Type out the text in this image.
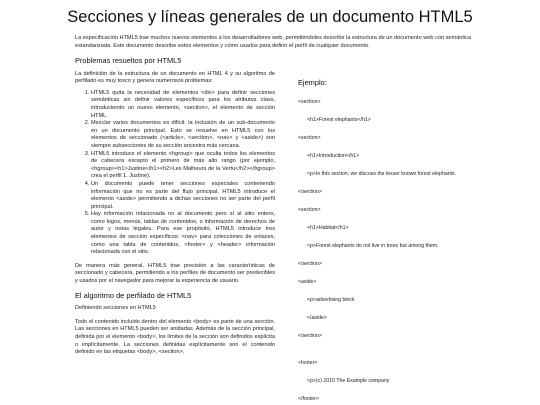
Secciones y líneas generales de un documento HTML5

La especificación HTML5 trae muchos nuevos elementos a los desarrolladores web, permitiéndoles describir la estructura de un documento web con semántica estandarizada. Este documento describe estos elementos y cómo usarlos para definir el perfil de cualquier documento.

Problemas resueltos por HTML5

La definición de la estructura de un documento en HTML 4 y su algoritmo de perfilado es muy tosco y genera numerosos problemas:

1. HTML5 quita la necesidad de elementos <div> para definir secciones semánticas sin definir valores específicos para los atributos class, introduciendo un nuevo elemento, <section>, el elemento de sección HTML.
2. Mezclar varios documentos es difícil: la inclusión de un sub-documento en un documento principal. Esto se resuelve en HTML5 con los elementos de seccionado (<article>, <section>, <nav> y <aside>) son siempre subsecciones de su sección ancestra más cercana.
3. HTML5 introduce el elemento <hgroup> que oculta todos los elementos de cabecera excepto el primero de más alto rango (por ejemplo, <hgroup><h1>Justine</h1><h2>Les Malheurs de la Vertu</h2></hgroup> crea el perfil 1. Justine).
4. Un documento puede tener secciones especiales conteniendo información que no es parte del flujo principal. HTML5 introduce el elemento <aside> permitiendo a dichas secciones no ser parte del perfil principal.
5. Hay información relacionada no al documento pero sí al sitio entero, como logos, menús, tablas de contenidos, o información de derechos de autor y notas legales. Para ese propósito, HTML5 introduce tres elementos de sección específicos: <nav> para colecciones de enlaces, como una tabla de contenidos, <footer> y <header> información relacionada con el sitio.

De manera más general, HTML5 trae precisión a las características de seccionado y cabecera, permitiendo a los perfiles de documento ser predecibles y usados por el navegador para mejorar la experiencia de usuario.

El algoritmo de perfilado de HTML5

Definiendo secciones en HTML5

Todo el contenido incluido dentro del elemento <body> es parte de una sección. Las secciones en HTML5 pueden ser anidadas. Además de la sección principal, definida por el elemento <body>, los límites de la sección son definidos explícita o implícitamente. La secciones definidas explícitamente son el contenido definido en las etiquetas <body>, <section>,

Ejemplo:
<section>
<h1>Forest elephants</h1>
<section>
<h1>Introduction</h1>
<p>In this section, we discuss the lesser known forest elephants.
</section>
<section>
<h1>Habitat</h1>
<p>Forest elephants do not live in trees but among them.
</section>
<aside>
<p>advertising block
</aside>
</section>
<footer>
<p>(c) 2010 The Example company
</footer>
